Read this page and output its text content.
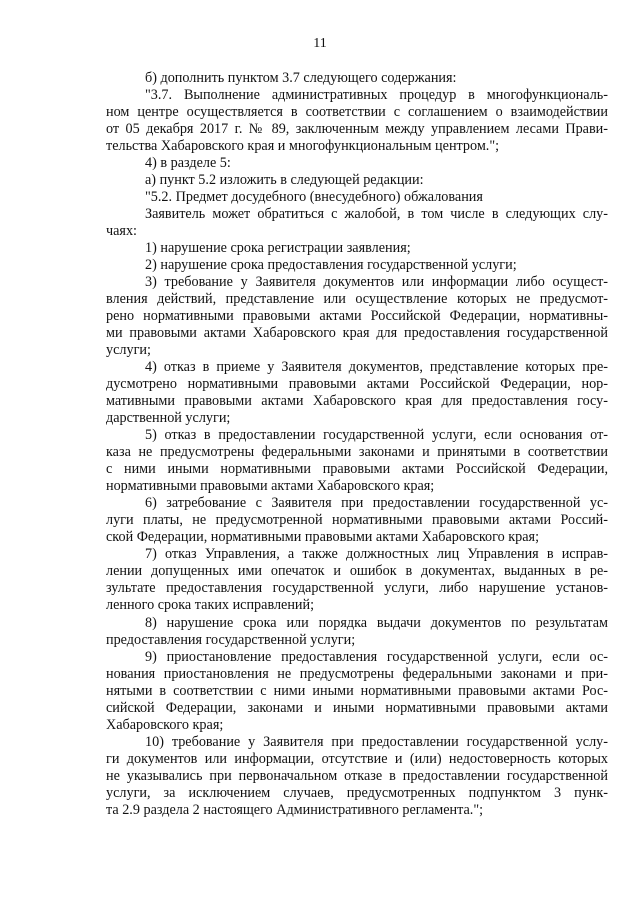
11

б) дополнить пунктом 3.7 следующего содержания:
"3.7. Выполнение административных процедур в многофункциональ-
ном центре осуществляется в соответствии с соглашением о взаимодействии
от 05 декабря 2017 г. № 89, заключенным между управлением лесами Прави-
тельства Хабаровского края и многофункциональным центром.";
4) в разделе 5:
а) пункт 5.2 изложить в следующей редакции:
"5.2. Предмет досудебного (внесудебного) обжалования
Заявитель может обратиться с жалобой, в том числе в следующих слу-
чаях:
1) нарушение срока регистрации заявления;
2) нарушение срока предоставления государственной услуги;
3) требование у Заявителя документов или информации либо осущест-
вления действий, представление или осуществление которых не предусмот-
рено нормативными правовыми актами Российской Федерации, нормативны-
ми правовыми актами Хабаровского края для предоставления государственной
услуги;
4) отказ в приеме у Заявителя документов, представление которых пре-
дусмотрено нормативными правовыми актами Российской Федерации, нор-
мативными правовыми актами Хабаровского края для предоставления госу-
дарственной услуги;
5) отказ в предоставлении государственной услуги, если основания от-
каза не предусмотрены федеральными законами и принятыми в соответствии
с ними иными нормативными правовыми актами Российской Федерации,
нормативными правовыми актами Хабаровского края;
6) затребование с Заявителя при предоставлении государственной ус-
луги платы, не предусмотренной нормативными правовыми актами Россий-
ской Федерации, нормативными правовыми актами Хабаровского края;
7) отказ Управления, а также должностных лиц Управления в исправ-
лении допущенных ими опечаток и ошибок в документах, выданных в ре-
зультате предоставления государственной услуги, либо нарушение установ-
ленного срока таких исправлений;
8) нарушение срока или порядка выдачи документов по результатам
предоставления государственной услуги;
9) приостановление предоставления государственной услуги, если ос-
нования приостановления не предусмотрены федеральными законами и при-
нятыми в соответствии с ними иными нормативными правовыми актами Рос-
сийской Федерации, законами и иными нормативными правовыми актами
Хабаровского края;
10) требование у Заявителя при предоставлении государственной услу-
ги документов или информации, отсутствие и (или) недостоверность которых
не указывались при первоначальном отказе в предоставлении государственной
услуги, за исключением случаев, предусмотренных подпунктом 3 пунк-
та 2.9 раздела 2 настоящего Административного регламента.";
